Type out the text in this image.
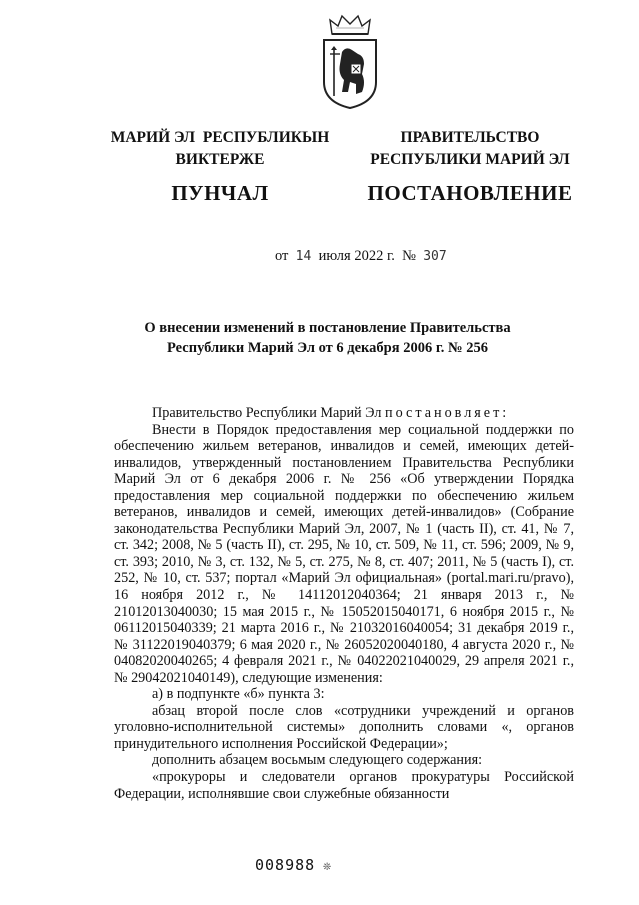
МАРИЙ ЭЛ  РЕСПУБЛИКЫН
ВИКТЕРЖЕ
ПУНЧАЛ
ПРАВИТЕЛЬСТВО
РЕСПУБЛИКИ МАРИЙ ЭЛ
ПОСТАНОВЛЕНИЕ
от 14 июля 2022 г. № 307
О внесении изменений в постановление Правительства
Республики Марий Эл от 6 декабря 2006 г. № 256

Правительство Республики Марий Эл постановляет:

Внести в Порядок предоставления мер социальной поддержки по обеспечению жильем ветеранов, инвалидов и семей, имеющих детей-инвалидов, утвержденный постановлением Правительства Республики Марий Эл от 6 декабря 2006 г. № 256 «Об утверждении Порядка предоставления мер социальной поддержки по обеспечению жильем ветеранов, инвалидов и семей, имеющих детей-инвалидов» (Собрание законодательства Республики Марий Эл, 2007, № 1 (часть II), ст. 41, № 7, ст. 342; 2008, № 5 (часть II), ст. 295, № 10, ст. 509, № 11, ст. 596; 2009, № 9, ст. 393; 2010, № 3, ст. 132, № 5, ст. 275, № 8, ст. 407; 2011, № 5 (часть I), ст. 252, № 10, ст. 537; портал «Марий Эл официальная» (portal.mari.ru/pravo), 16 ноября 2012 г., № 14112012040364; 21 января 2013 г., № 21012013040030; 15 мая 2015 г., № 15052015040171, 6 ноября 2015 г., № 06112015040339; 21 марта 2016 г., № 21032016040054; 31 декабря 2019 г., № 31122019040379; 6 мая 2020 г., № 26052020040180, 4 августа 2020 г., № 04082020040265; 4 февраля 2021 г., № 04022021040029, 29 апреля 2021 г., № 29042021040149), следующие изменения:

а) в подпункте «б» пункта 3:

абзац второй после слов «сотрудники учреждений и органов уголовно-исполнительной системы» дополнить словами «, органов принудительного исполнения Российской Федерации»;

дополнить абзацем восьмым следующего содержания:

«прокуроры и следователи органов прокуратуры Российской Федерации, исполнявшие свои служебные обязанности

008988 ❊
